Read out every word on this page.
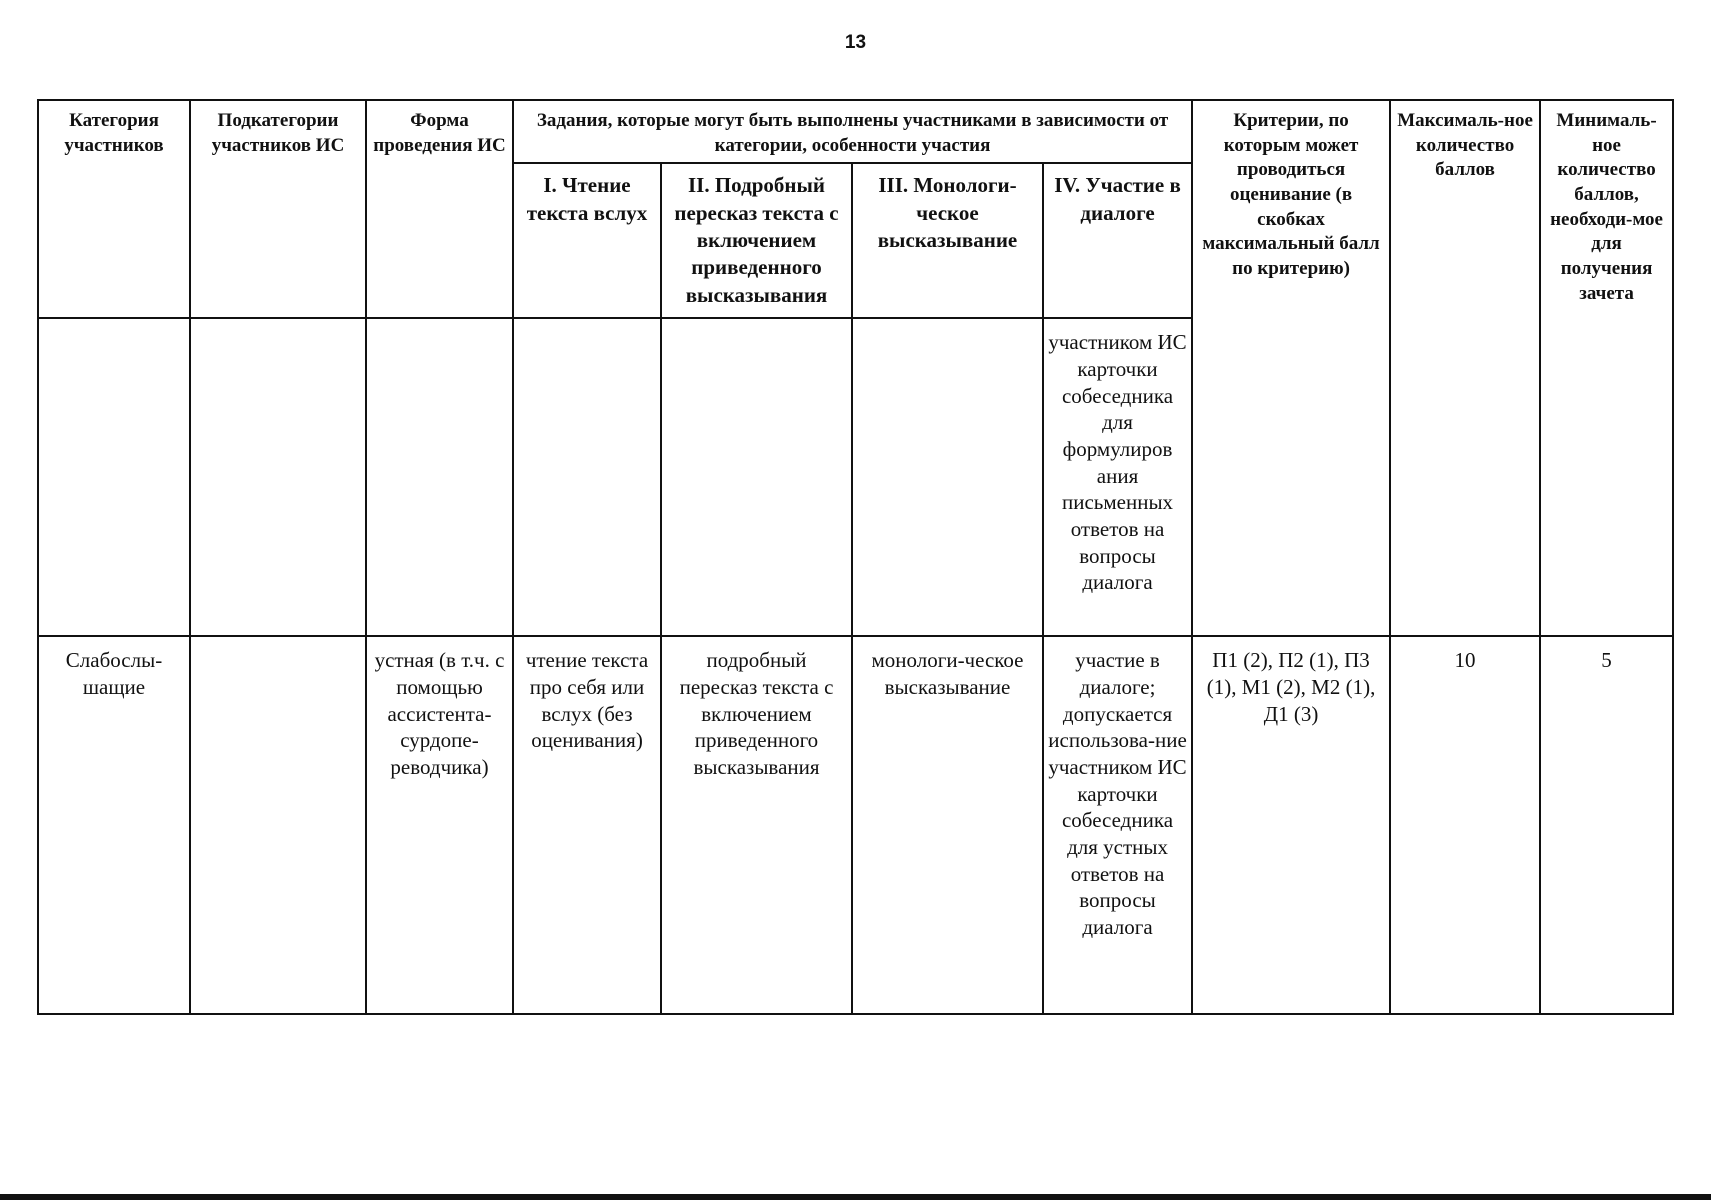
13
Категория участников	Подкатегории участников ИС	Форма проведения ИС	Задания, которые могут быть выполнены участниками в зависимости от категории, особенности участия				Критерии, по которым может проводиться оценивание (в скобках максимальный балл по критерию)	Максималь-ное количество баллов	Минималь-ное количество баллов, необходи-мое для получения зачета
			I. Чтение текста вслух	II. Подробный пересказ текста с включением приведенного высказывания	III. Монологи-ческое высказывание	IV. Участие в диалоге			
						участником ИС карточки собеседника для формулиров ания письменных ответов на вопросы диалога			
Слабослы-шащие		устная (в т.ч. с помощью ассистента-сурдопе-реводчика)	чтение текста про себя или вслух (без оценивания)	подробный пересказ текста с включением приведенного высказывания	монологи-ческое высказывание	участие в диалоге; допускается использова-ние участником ИС карточки собеседника для устных ответов на вопросы диалога	П1 (2), П2 (1), П3 (1), М1 (2), М2 (1), Д1 (3)	10	5
